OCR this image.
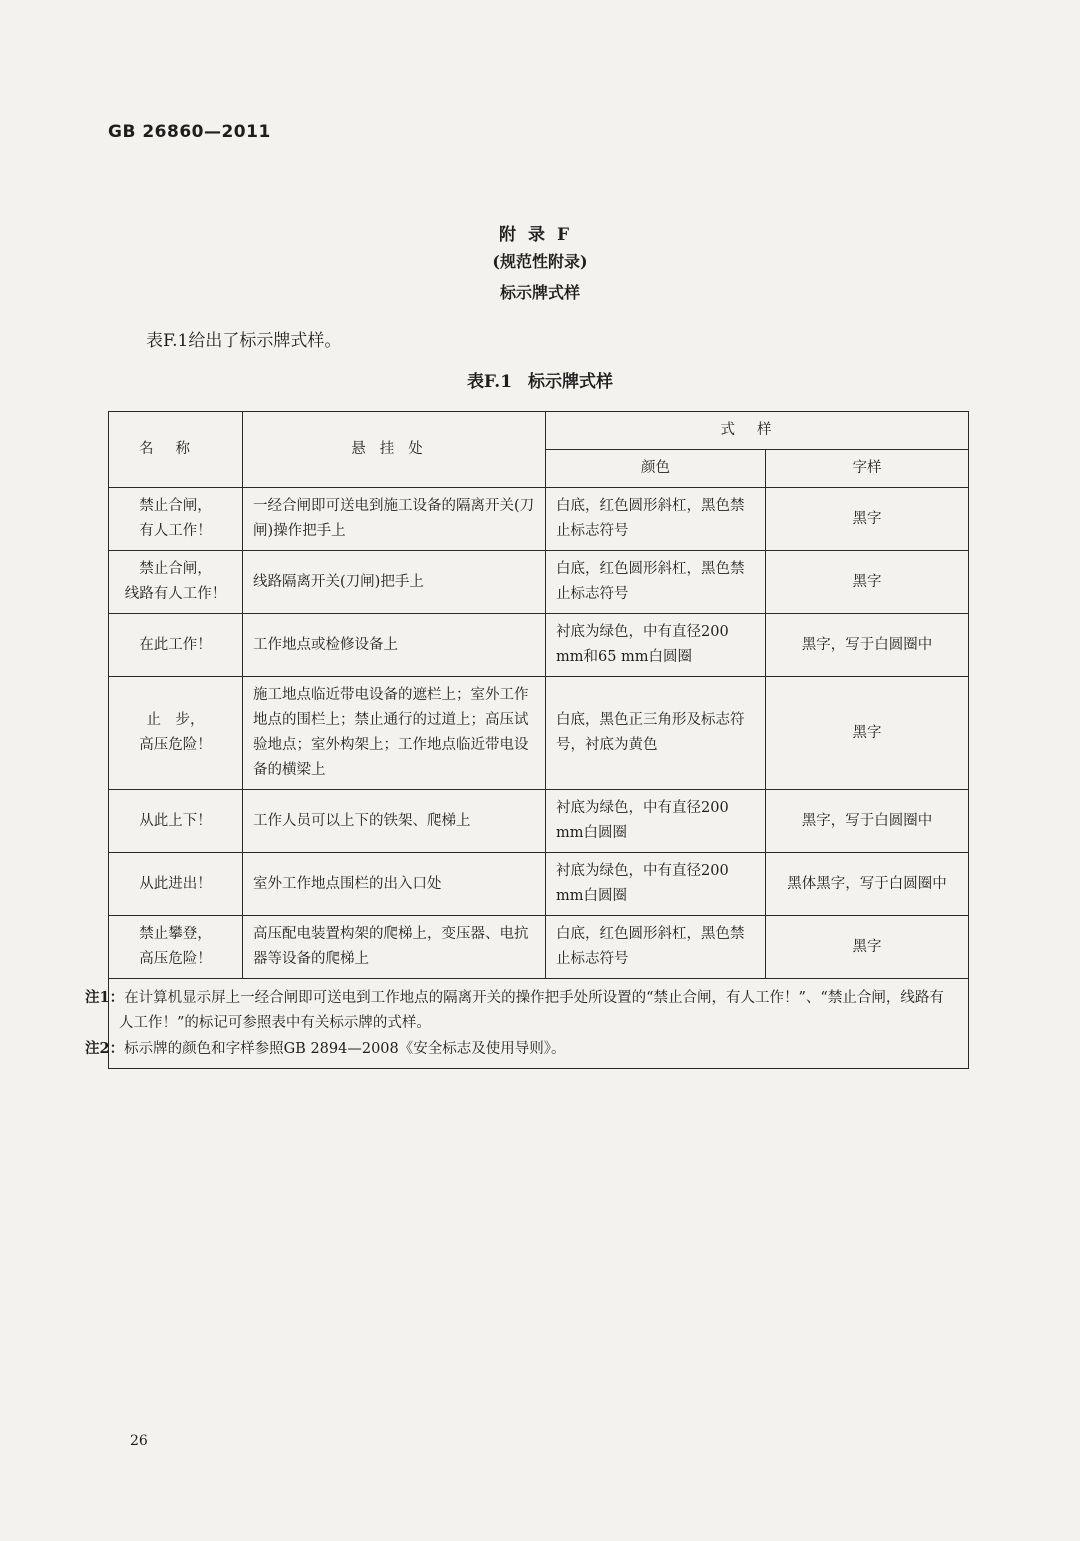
GB 26860—2011
附录F
(规范性附录)
标示牌式样
表F.1给出了标示牌式样。
表F.1 标示牌式样
名称	悬挂处	式样	
		颜色	字样

禁止合闸，
有人工作！	一经合闸即可送电到施工设备的隔离开关(刀闸)操作把手上	白底，红色圆形斜杠，黑色禁止标志符号	黑字

禁止合闸，
线路有人工作！	线路隔离开关(刀闸)把手上	白底，红色圆形斜杠，黑色禁止标志符号	黑字

在此工作！	工作地点或检修设备上	衬底为绿色，中有直径200 mm和65 mm白圆圈	黑字，写于白圆圈中

止　步，
高压危险！	施工地点临近带电设备的遮栏上；室外工作地点的围栏上；禁止通行的过道上；高压试验地点；室外构架上；工作地点临近带电设备的横梁上	白底，黑色正三角形及标志符号，衬底为黄色	黑字

从此上下！	工作人员可以上下的铁架、爬梯上	衬底为绿色，中有直径200 mm白圆圈	黑字，写于白圆圈中

从此进出！	室外工作地点围栏的出入口处	衬底为绿色，中有直径200 mm白圆圈	黑体黑字，写于白圆圈中

禁止攀登，
高压危险！	高压配电装置构架的爬梯上，变压器、电抗器等设备的爬梯上	白底，红色圆形斜杠，黑色禁止标志符号	黑字

注1：在计算机显示屏上一经合闸即可送电到工作地点的隔离开关的操作把手处所设置的“禁止合闸，有人工作！”、“禁止合闸，线路有人工作！”的标记可参照表中有关标示牌的式样。
注2：标示牌的颜色和字样参照GB 2894—2008《安全标志及使用导则》。			
26
